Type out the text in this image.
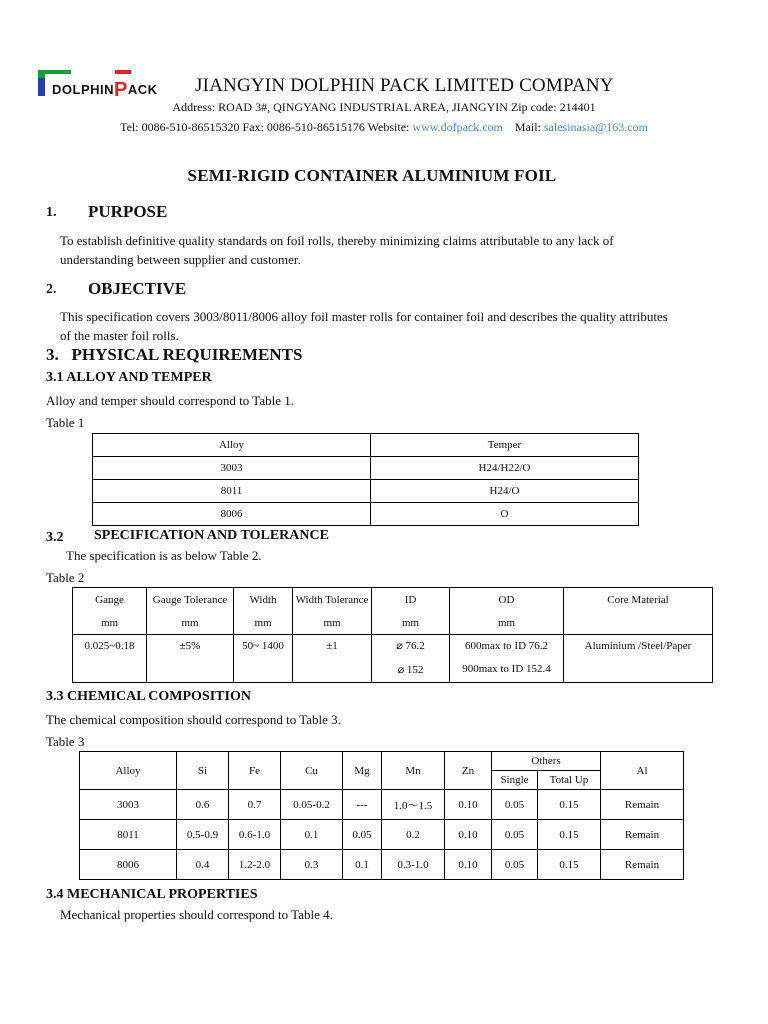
DOLPHINPACK JIANGYIN DOLPHIN PACK LIMITED COMPANY
Address: ROAD 3#, QINGYANG INDUSTRIAL AREA, JIANGYIN Zip code: 214401
Tel: 0086-510-86515320 Fax: 0086-510-86515176 Website: www.dofpack.com    Mail: salesinasia@163.com
SEMI-RIGID CONTAINER ALUMINIUM FOIL
1. PURPOSE
To establish definitive quality standards on foil rolls, thereby minimizing claims attributable to any lack of
understanding between supplier and customer.
2. OBJECTIVE
This specification covers 3003/8011/8006 alloy foil master rolls for container foil and describes the quality attributes
of the master foil rolls.
3.   PHYSICAL REQUIREMENTS
3.1 ALLOY AND TEMPER
Alloy and temper should correspond to Table 1.
Table 1
Alloy	Temper
3003	H24/H22/O
8011	H24/O
8006	O
3.2 SPECIFICATION AND TOLERANCE
The specification is as below Table 2.
Table 2
Gauge	Gauge Tolerance	Width	Width Tolerance	ID	OD	Core Material
mm	mm	mm	mm	mm	mm	
0.025~0.18	±5%	50~ 1400	±1	⌀ 76.2	600max to ID 76.2	Aluminium /Steel/Paper
				⌀ 152	900max to ID 152.4	
3.3 CHEMICAL COMPOSITION
The chemical composition should correspond to Table 3.
Table 3
Alloy	Si	Fe	Cu	Mg	Mn	Zn	Others		Al
							Single	Total Up	
3003	0.6	0.7	0.05-0.2	---	1.0～1.5	0.10	0.05	0.15	Remain
8011	0.5-0.9	0.6-1.0	0.1	0.05	0.2	0.10	0.05	0.15	Remain
8006	0.4	1.2-2.0	0.3	0.1	0.3-1.0	0.10	0.05	0.15	Remain
3.4 MECHANICAL PROPERTIES
Mechanical properties should correspond to Table 4.
